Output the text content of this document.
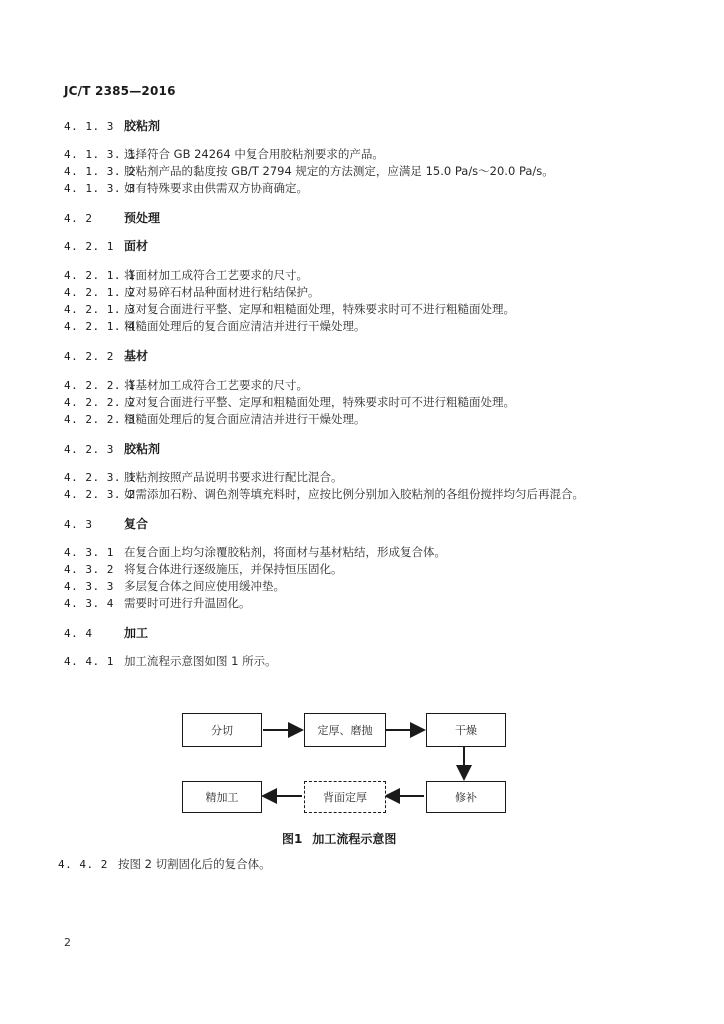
JC/T 2385—2016
4. 1. 3 胶粘剂
4. 1. 3. 1选择符合 GB 24264 中复合用胶粘剂要求的产品。
4. 1. 3. 2胶粘剂产品的黏度按 GB/T 2794 规定的方法测定，应满足 15.0 Pa/s～20.0 Pa/s。
4. 1. 3. 3如有特殊要求由供需双方协商确定。
4. 2	预处理
4. 2. 1 面材
4. 2. 1. 1将面材加工成符合工艺要求的尺寸。
4. 2. 1. 2应对易碎石材品种面材进行粘结保护。
4. 2. 1. 3应对复合面进行平整、定厚和粗糙面处理，特殊要求时可不进行粗糙面处理。
4. 2. 1. 4粗糙面处理后的复合面应清洁并进行干燥处理。
4. 2. 2 基材
4. 2. 2. 1将基材加工成符合工艺要求的尺寸。
4. 2. 2. 2应对复合面进行平整、定厚和粗糙面处理，特殊要求时可不进行粗糙面处理。
4. 2. 2. 3粗糙面处理后的复合面应清洁并进行干燥处理。
4. 2. 3 胶粘剂
4. 2. 3. 1胶粘剂按照产品说明书要求进行配比混合。
4. 2. 3. 2如需添加石粉、调色剂等填充料时，应按比例分别加入胶粘剂的各组份搅拌均匀后再混合。
4. 3	复合
4. 3. 1 在复合面上均匀涂覆胶粘剂，将面材与基材粘结，形成复合体。
4. 3. 2 将复合体进行逐级施压，并保持恒压固化。
4. 3. 3 多层复合体之间应使用缓冲垫。
4. 3. 4 需要时可进行升温固化。
4. 4	加工
4. 4. 1 加工流程示意图如图 1 所示。
分切	定厚、磨抛	干燥
修补
背面定厚
精加工
图1 加工流程示意图
4. 4. 2 按图 2 切割固化后的复合体。
2
